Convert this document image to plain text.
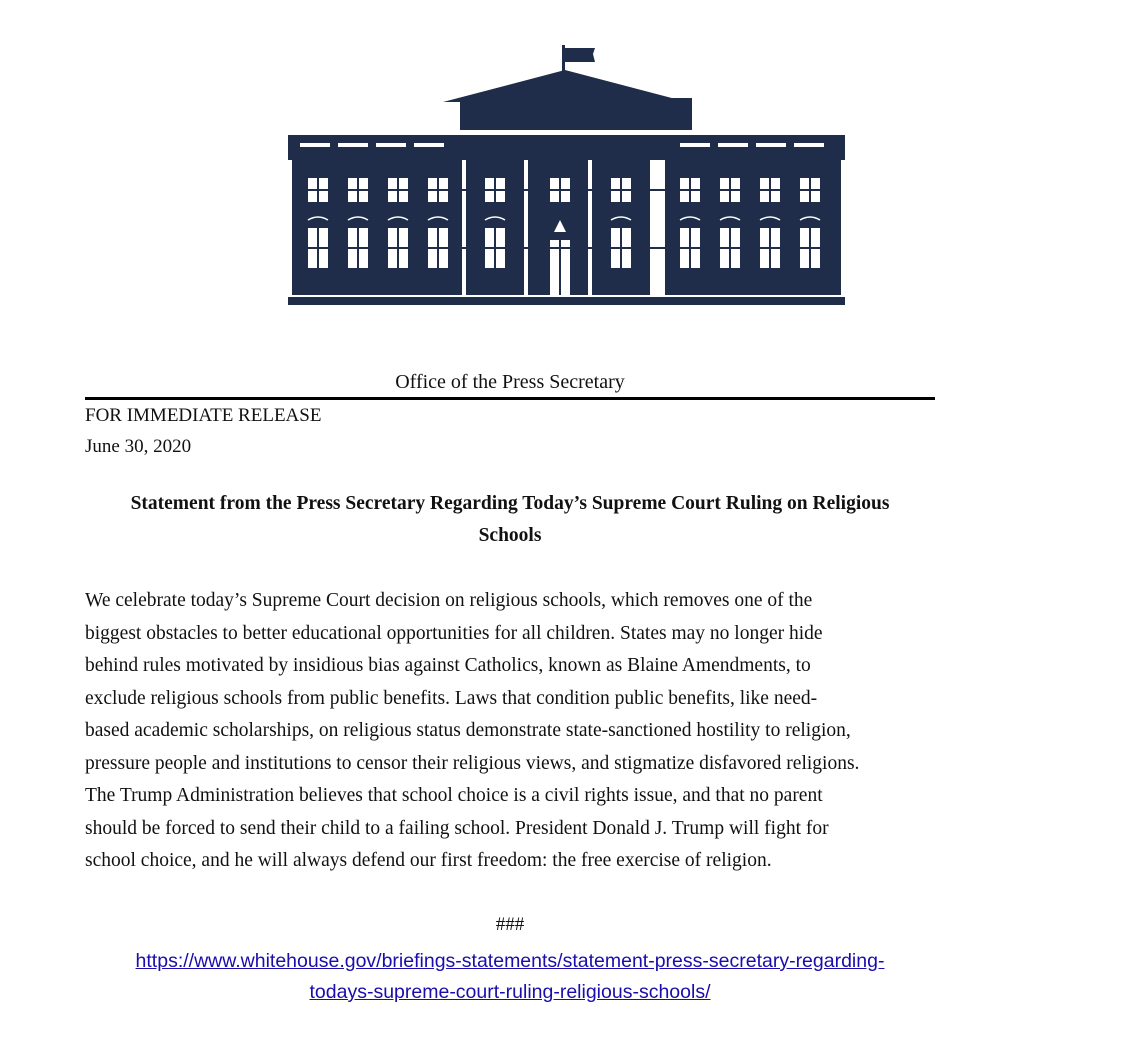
Office of the Press Secretary
FOR IMMEDIATE RELEASE
June 30, 2020
Statement from the Press Secretary Regarding Today’s Supreme Court Ruling on Religious
Schools
We celebrate today’s Supreme Court decision on religious schools, which removes one of the
biggest obstacles to better educational opportunities for all children. States may no longer hide
behind rules motivated by insidious bias against Catholics, known as Blaine Amendments, to
exclude religious schools from public benefits. Laws that condition public benefits, like need-
based academic scholarships, on religious status demonstrate state-sanctioned hostility to religion,
pressure people and institutions to censor their religious views, and stigmatize disfavored religions.
The Trump Administration believes that school choice is a civil rights issue, and that no parent
should be forced to send their child to a failing school. President Donald J. Trump will fight for
school choice, and he will always defend our first freedom: the free exercise of religion.
###
https://www.whitehouse.gov/briefings-statements/statement-press-secretary-regarding-
todays-supreme-court-ruling-religious-schools/
